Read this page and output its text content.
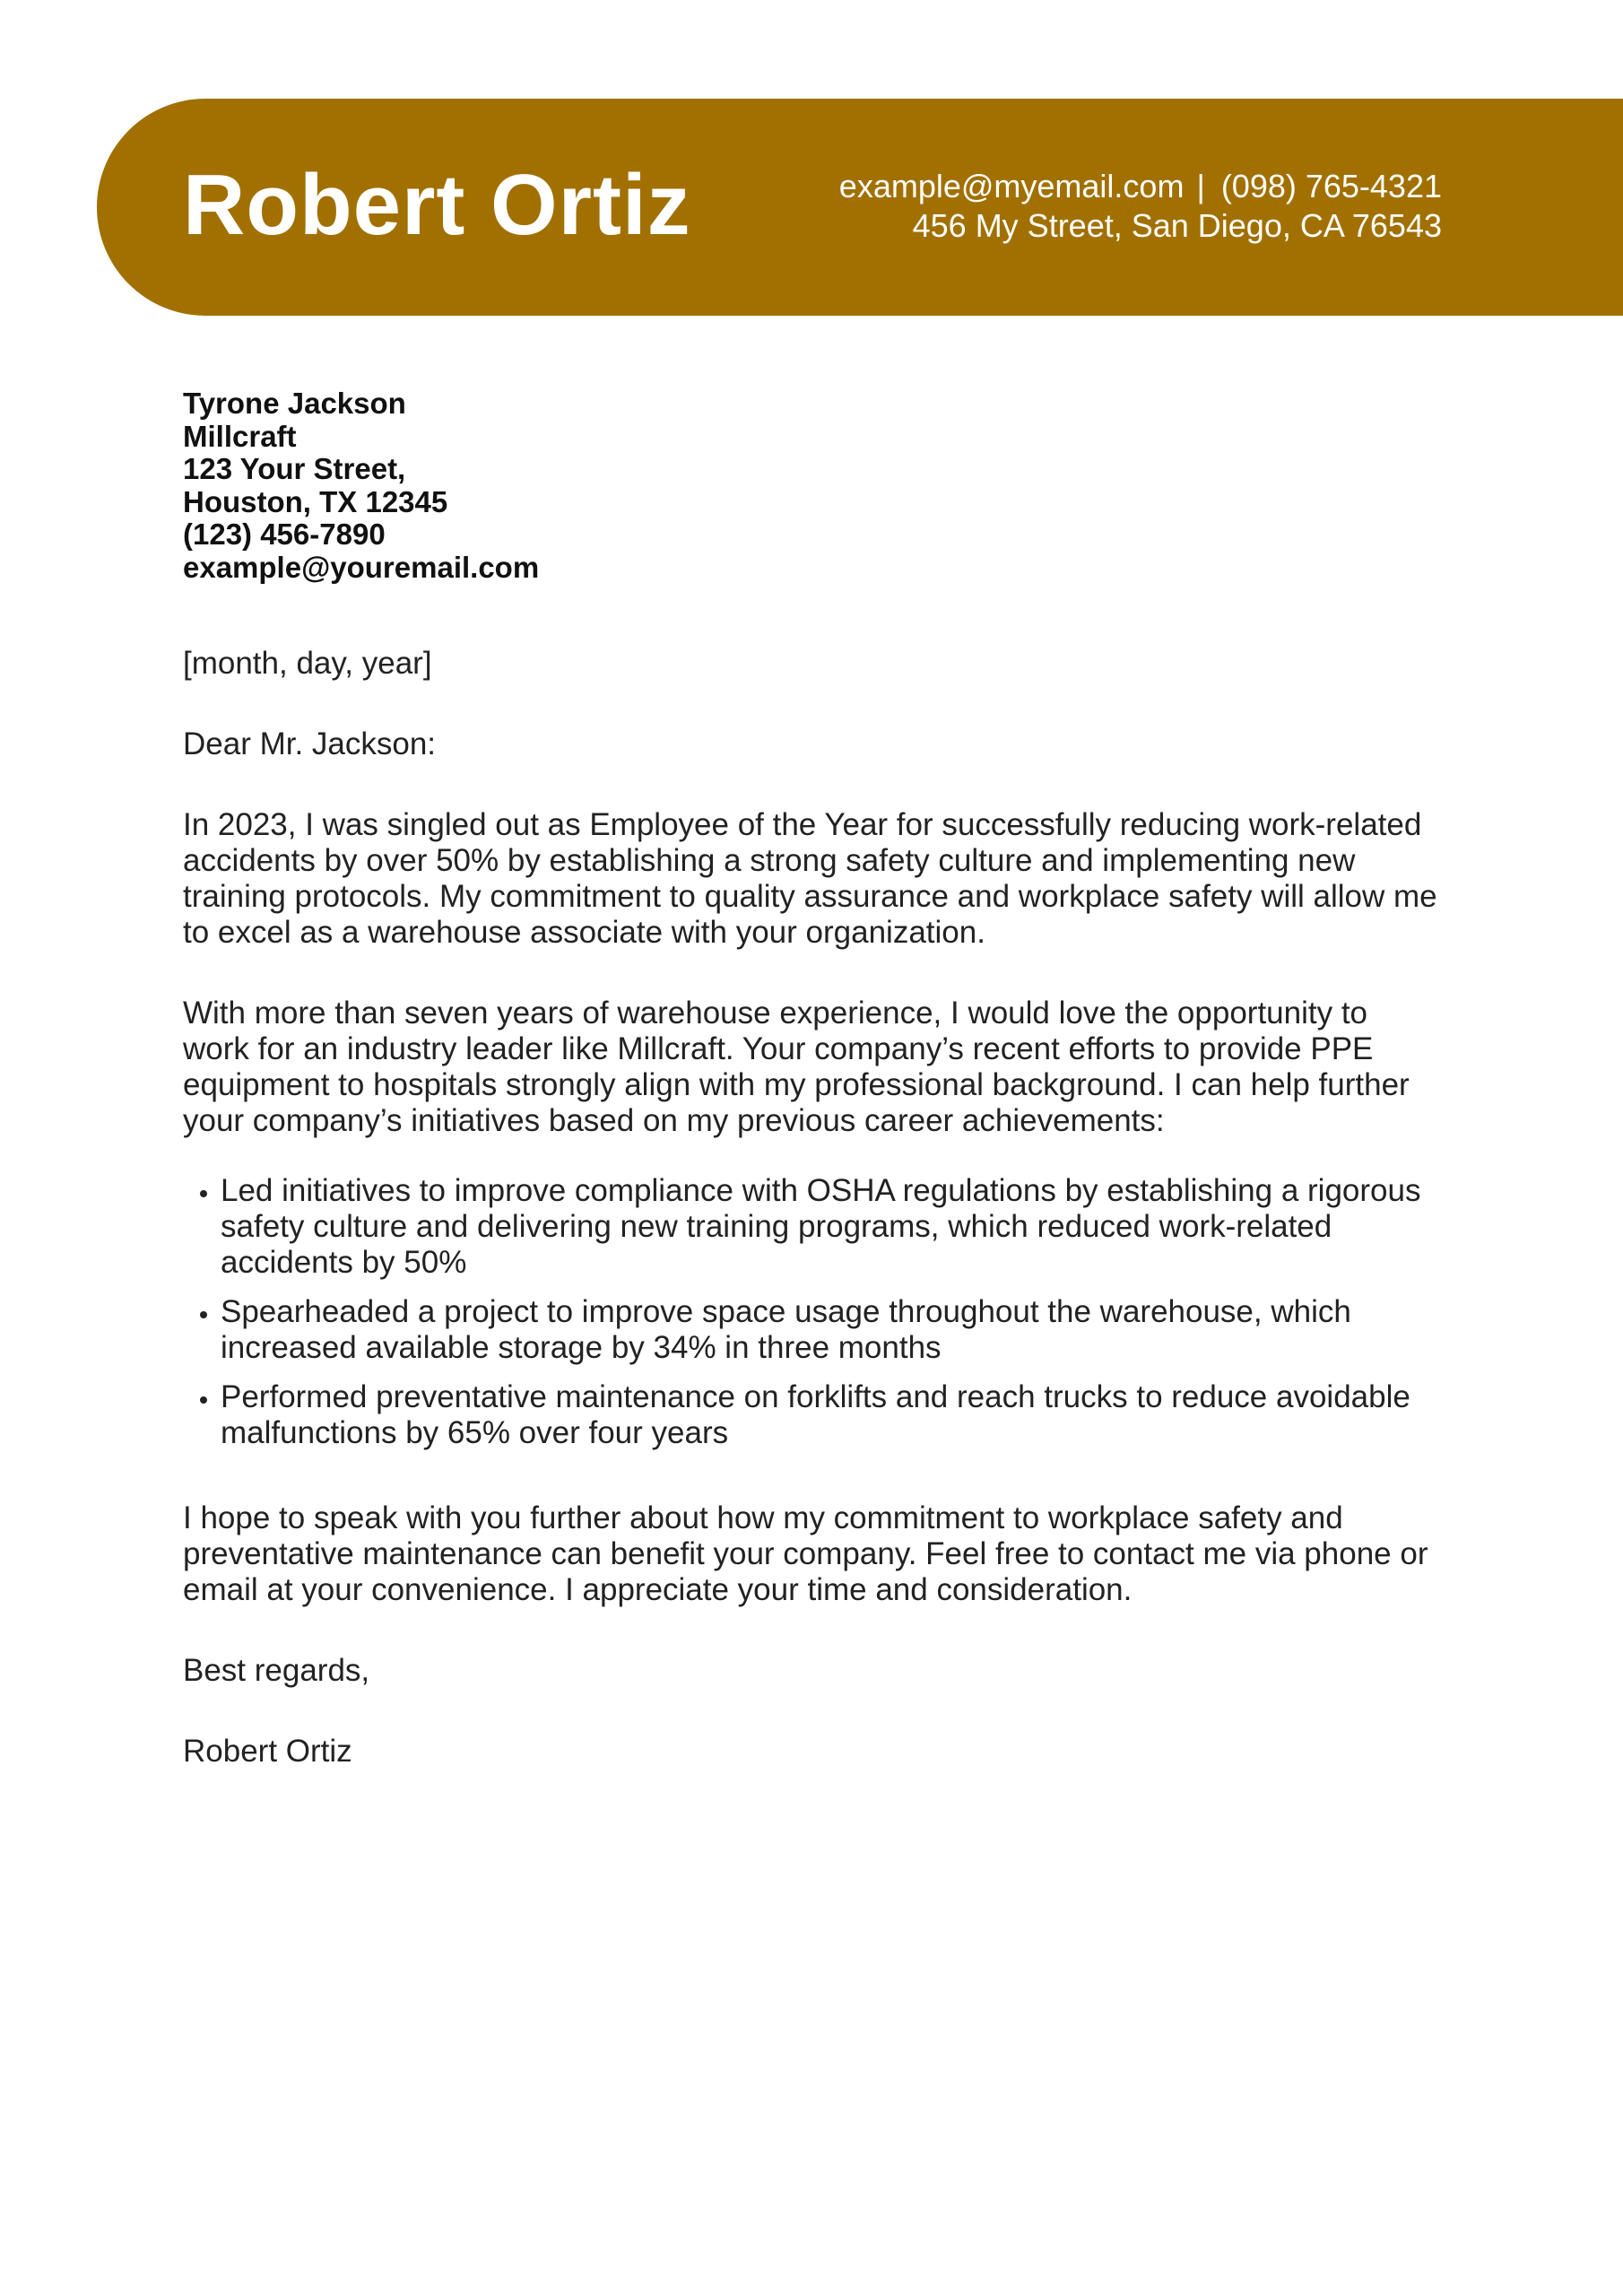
Robert Ortiz	example@myemail.com | (098) 765-4321
456 My Street, San Diego, CA 76543
Tyrone Jackson
Millcraft
123 Your Street,
Houston, TX 12345
(123) 456-7890
example@youremail.com

[month, day, year]

Dear Mr. Jackson:

In 2023, I was singled out as Employee of the Year for successfully reducing work-related accidents by over 50% by establishing a strong safety culture and implementing new training protocols. My commitment to quality assurance and workplace safety will allow me to excel as a warehouse associate with your organization.

With more than seven years of warehouse experience, I would love the opportunity to work for an industry leader like Millcraft. Your company’s recent efforts to provide PPE equipment to hospitals strongly align with my professional background. I can help further your company’s initiatives based on my previous career achievements:

• Led initiatives to improve compliance with OSHA regulations by establishing a rigorous safety culture and delivering new training programs, which reduced work-related accidents by 50%
• Spearheaded a project to improve space usage throughout the warehouse, which increased available storage by 34% in three months
• Performed preventative maintenance on forklifts and reach trucks to reduce avoidable malfunctions by 65% over four years

I hope to speak with you further about how my commitment to workplace safety and preventative maintenance can benefit your company. Feel free to contact me via phone or email at your convenience. I appreciate your time and consideration.

Best regards,

Robert Ortiz
